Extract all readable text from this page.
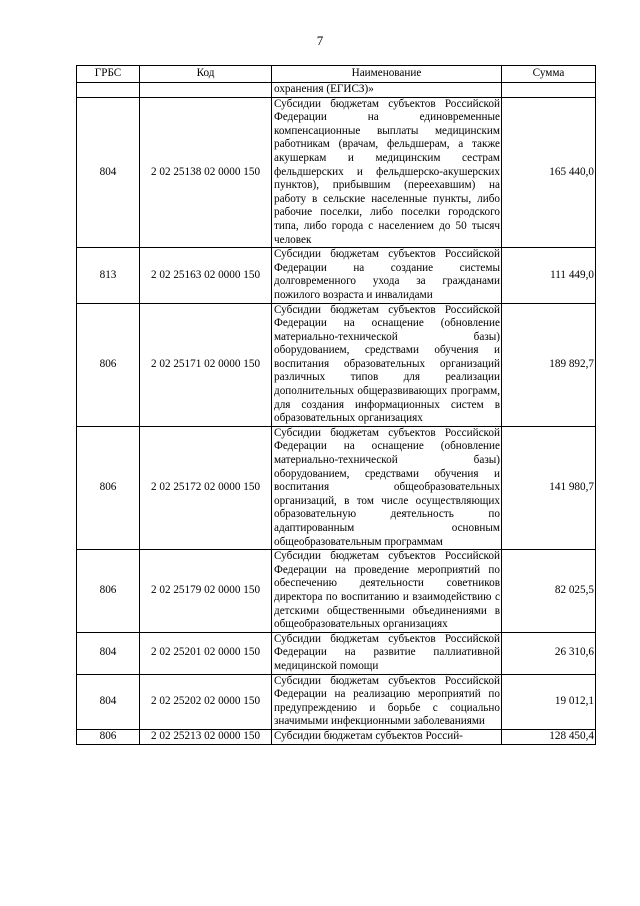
7
ГРБС	Код	Наименование	Сумма
		охранения (ЕГИСЗ)»	
804	2 02 25138 02 0000 150	Субсидии бюджетам субъектов Российской Федерации на единовременные компенсационные выплаты медицинским работникам (врачам, фельдшерам, а также акушеркам и медицинским сестрам фельдшерских и фельдшерско-акушерских пунктов), прибывшим (переехавшим) на работу в сельские населенные пункты, либо рабочие поселки, либо поселки городского типа, либо города с населением до 50 тысяч человек	165 440,0
813	2 02 25163 02 0000 150	Субсидии бюджетам субъектов Российской Федерации на создание системы долговременного ухода за гражданами пожилого возраста и инвалидами	111 449,0
806	2 02 25171 02 0000 150	Субсидии бюджетам субъектов Российской Федерации на оснащение (обновление материально-технической базы) оборудованием, средствами обучения и воспитания образовательных организаций различных типов для реализации дополнительных общеразвивающих программ, для создания информационных систем в образовательных организациях	189 892,7
806	2 02 25172 02 0000 150	Субсидии бюджетам субъектов Российской Федерации на оснащение (обновление материально-технической базы) оборудованием, средствами обучения и воспитания общеобразовательных организаций, в том числе осуществляющих образовательную деятельность по адаптированным основным общеобразовательным программам	141 980,7
806	2 02 25179 02 0000 150	Субсидии бюджетам субъектов Российской Федерации на проведение мероприятий по обеспечению деятельности советников директора по воспитанию и взаимодействию с детскими общественными объединениями в общеобразовательных организациях	82 025,5
804	2 02 25201 02 0000 150	Субсидии бюджетам субъектов Российской Федерации на развитие паллиативной медицинской помощи	26 310,6
804	2 02 25202 02 0000 150	Субсидии бюджетам субъектов Российской Федерации на реализацию мероприятий по предупреждению и борьбе с социально значимыми инфекционными заболеваниями	19 012,1
806	2 02 25213 02 0000 150	Субсидии бюджетам субъектов Россий-	128 450,4
